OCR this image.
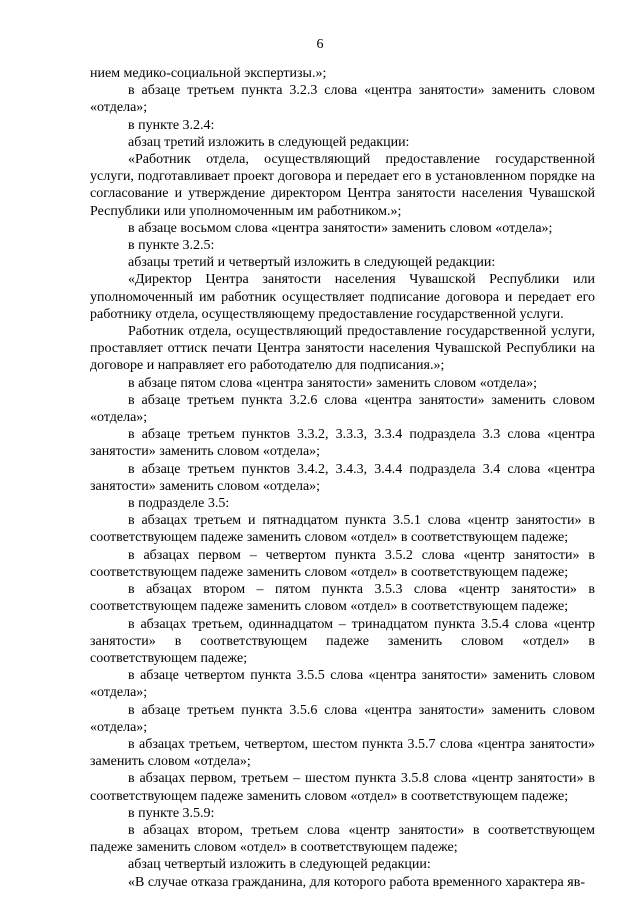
6

нием медико-социальной экспертизы.»;

в абзаце третьем пункта 3.2.3 слова «центра занятости» заменить словом «отдела»;

в пункте 3.2.4:

абзац третий изложить в следующей редакции:

«Работник отдела, осуществляющий предоставление государственной услуги, подготавливает проект договора и передает его в установленном порядке на согласование и утверждение директором Центра занятости населения Чувашской Республики или уполномоченным им работником.»;

в абзаце восьмом слова «центра занятости» заменить словом «отдела»;

в пункте 3.2.5:

абзацы третий и четвертый изложить в следующей редакции:

«Директор Центра занятости населения Чувашской Республики или уполномоченный им работник осуществляет подписание договора и передает его работнику отдела, осуществляющему предоставление государственной услуги.

Работник отдела, осуществляющий предоставление государственной услуги, проставляет оттиск печати Центра занятости населения Чувашской Республики на договоре и направляет его работодателю для подписания.»;

в абзаце пятом слова «центра занятости» заменить словом «отдела»;

в абзаце третьем пункта 3.2.6 слова «центра занятости» заменить словом «отдела»;

в абзаце третьем пунктов 3.3.2, 3.3.3, 3.3.4 подраздела 3.3 слова «центра занятости» заменить словом «отдела»;

в абзаце третьем пунктов 3.4.2, 3.4.3, 3.4.4 подраздела 3.4 слова «центра занятости» заменить словом «отдела»;

в подразделе 3.5:

в абзацах третьем и пятнадцатом пункта 3.5.1 слова «центр занятости» в соответствующем падеже заменить словом «отдел» в соответствующем падеже;

в абзацах первом – четвертом пункта 3.5.2 слова «центр занятости» в соответствующем падеже заменить словом «отдел» в соответствующем падеже;

в абзацах втором – пятом пункта 3.5.3 слова «центр занятости» в соответствующем падеже заменить словом «отдел» в соответствующем падеже;

в абзацах третьем, одиннадцатом – тринадцатом пункта 3.5.4 слова «центр занятости» в соответствующем падеже заменить словом «отдел» в соответствующем падеже;

в абзаце четвертом пункта 3.5.5 слова «центра занятости» заменить словом «отдела»;

в абзаце третьем пункта 3.5.6 слова «центра занятости» заменить словом «отдела»;

в абзацах третьем, четвертом, шестом пункта 3.5.7 слова «центра занятости» заменить словом «отдела»;

в абзацах первом, третьем – шестом пункта 3.5.8 слова «центр занятости» в соответствующем падеже заменить словом «отдел» в соответствующем падеже;

в пункте 3.5.9:

в абзацах втором, третьем слова «центр занятости» в соответствующем падеже заменить словом «отдел» в соответствующем падеже;

абзац четвертый изложить в следующей редакции:

«В случае отказа гражданина, для которого работа временного характера яв-
